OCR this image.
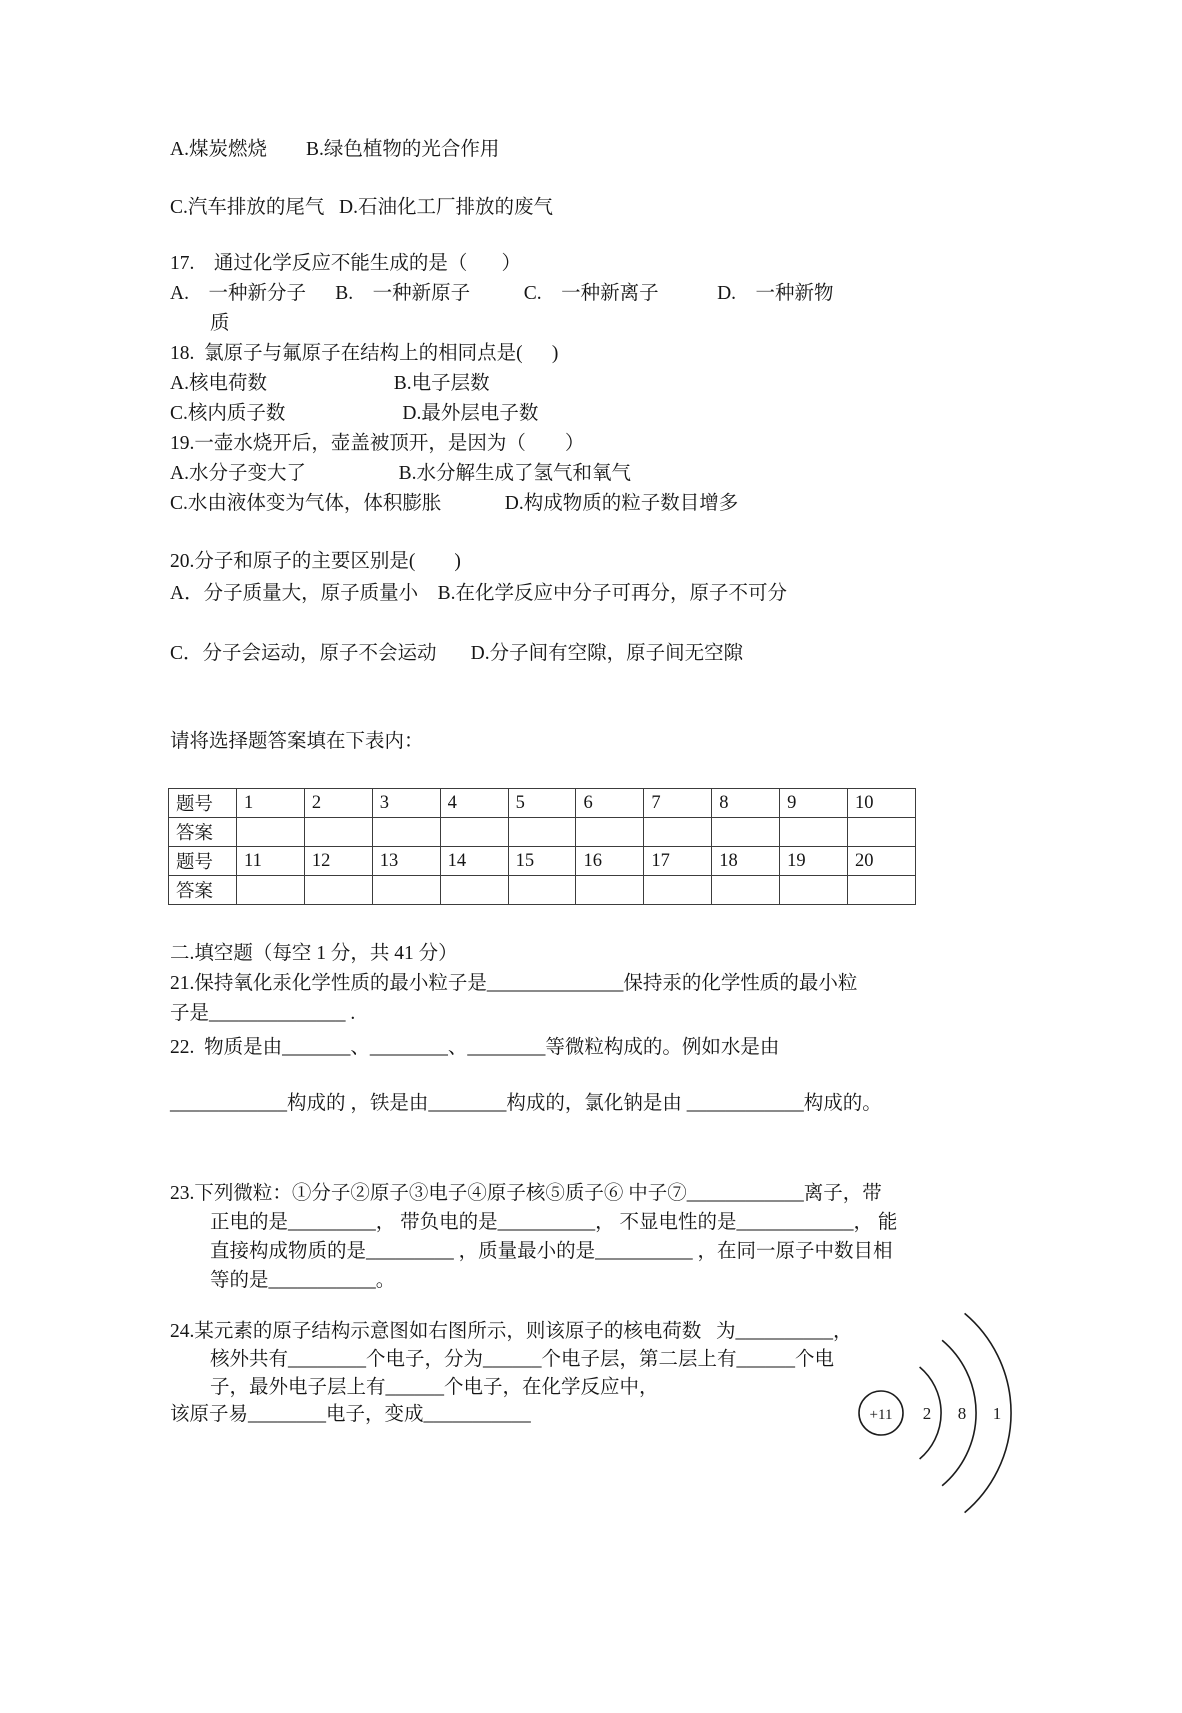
A.煤炭燃烧        B.绿色植物的光合作用
C.汽车排放的尾气   D.石油化工厂排放的废气
17.    通过化学反应不能生成的是（       ）
A.    一种新分子      B.    一种新原子           C.    一种新离子            D.    一种新物
质
18.  氯原子与氟原子在结构上的相同点是(      )
A.核电荷数                          B.电子层数
C.核内质子数                        D.最外层电子数
19.一壶水烧开后，壶盖被顶开，是因为（        ）
A.水分子变大了                   B.水分解生成了氢气和氧气
C.水由液体变为气体，体积膨胀             D.构成物质的粒子数目增多
20.分子和原子的主要区别是(        )
A．分子质量大，原子质量小    B.在化学反应中分子可再分，原子不可分
C．分子会运动，原子不会运动       D.分子间有空隙，原子间无空隙
请将选择题答案填在下表内：
题号	1	2	3	4	5	6	7	8	9	10
答案										
题号	11	12	13	14	15	16	17	18	19	20
答案										
二.填空题（每空 1 分，共 41 分）
21.保持氧化汞化学性质的最小粒子是______________保持汞的化学性质的最小粒
子是______________ .
22.  物质是由_______、________、________等微粒构成的。例如水是由
____________构成的 ，铁是由________构成的，氯化钠是由 ____________构成的。
23.下列微粒：①分子②原子③电子④原子核⑤质子⑥ 中子⑦____________离子，带
正电的是_________， 带负电的是__________， 不显电性的是____________， 能
直接构成物质的是_________ ，质量最小的是__________ ，在同一原子中数目相
等的是___________。
24.某元素的原子结构示意图如右图所示，则该原子的核电荷数   为__________，
核外共有________个电子，分为______个电子层，第二层上有______个电
子，最外电子层上有______个电子，在化学反应中，
该原子易________电子，变成___________	+11 2 8 1
